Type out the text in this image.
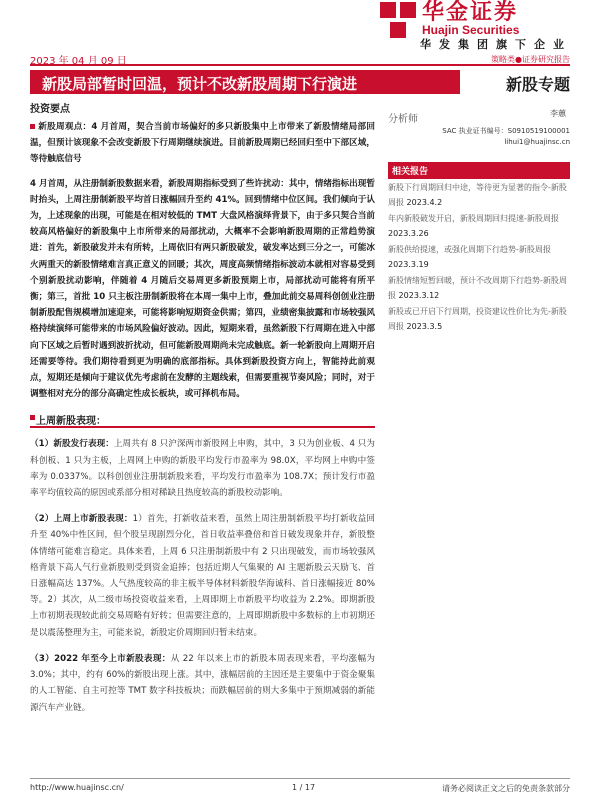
华金证券
Huajin Securities
华发集团旗下企业
2023 年 04 月 09 日	策略类●证券研究报告
新股局部暂时回温，预计不改新股周期下行演进	新股专题
投资要点

新股周观点：4 月首周，契合当前市场偏好的多只新股集中上市带来了新股情绪局部回温，但预计该现象不会改变新股下行周期继续演进。目前新股周期已经回归至中下部区域，等待触底信号

4 月首周，从注册制新股数据来看，新股周期指标受到了些许扰动：其中，情绪指标出现暂时抬头，上周注册制新股平均首日涨幅回升至约 41%。回到情绪中位区间。我们倾向于认为，上述现象的出现，可能是在相对较低的 TMT 大盘风格演绎背景下，由于多只契合当前较高风格偏好的新股集中上市所带来的局部扰动，大概率不会影响新股周期的正常趋势演进：首先，新股破发并未有所转，上周依旧有两只新股破发，破发率达到三分之一，可能冰火两重天的新股情绪难言真正意义的回暖；其次，周度高频情绪指标波动本就相对容易受到个别新股扰动影响，伴随着 4 月随后交易周更多新股预期上市，局部扰动可能将有所平衡；第三，首批 10 只主板注册制新股将在本周一集中上市，叠加此前交易周科创创业注册制新股配售规模增加速迎来，可能将影响短期资金供需；第四，业绩密集披露和市场较强风格持续演绎可能带来的市场风险偏好波动。因此，短期来看，虽然新股下行周期在进入中部向下区域之后暂时遇到波折扰动，但可能新股周期尚未完成触底。新一轮新股向上周期开启还需要等待。我们期待看到更为明确的底部指标。具体到新股投资方向上，智能持此前观点，短期还是倾向于建议优先考虑前在发酵的主题线索，但需要重视节奏风险；同时，对于调整相对充分的部分高确定性成长板块，或可择机布局。

上周新股表现：

（1）新股发行表现：上周共有 8 只沪深两市新股网上申购，其中，3 只为创业板、4 只为科创板、1 只为主板，上周网上申购的新股平均发行市盈率为 98.0X，平均网上申购中签率为 0.0337%。以科创创业注册制新股来看，平均发行市盈率为 108.7X；预计发行市盈率平均值较高的原因或系部分相对稀缺且热度较高的新股校动影响。

（2）上周上市新股表现：1）首先，打新收益来看，虽然上周注册制新股平均打新收益回升至 40%中性区间，但个股呈现剧烈分化，首日收益率叠倍和首日破发现象并存，新股整体情绪可能难言稳定。具体来看，上周 6 只注册制新股中有 2 只出现破发，而市场较强风格背景下高人气行业新股则受到资金追捧；包括近期人气集聚的 AI 主题新股云天励飞、首日涨幅高达 137%。人气热度较高的非主板半导体材料新股华海诚科、首日涨幅接近 80%等。2）其次，从二级市场投资收益来看，上周即期上市新股平均收益为 2.2%。即期新股上市初期表现较此前交易周略有好转；但需要注意的，上周即期新股中多数标的上市初期还是以震荡整理为主，可能来说，新股定价周期回归暂未结束。

（3）2022 年至今上市新股表现：从 22 年以来上市的新股本周表现来看，平均涨幅为 3.0%；其中，约有 60%的新股出现上涨。其中，涨幅居前的主因还是主要集中于资金聚集的人工智能、自主可控等 TMT 数字科技板块；而跌幅居前的则大多集中于预期减弱的新能源汽车产业链。

分析师
李蕙
SAC 执业证书编号：S0910519100001
lihui1@huajinsc.cn
相关报告
新股下行周期回归中途，等待更为显著的指令-新股周报 2023.4.2
年内新股破发开启，新股周期回归提速-新股周报 2023.3.26
新股供给提速，或强化周期下行趋势-新股周报 2023.3.19
新股情绪短暂回暖，预计不改周期下行趋势-新股周报 2023.3.12
新股或已开启下行周期，投资建议性价比为先-新股周报 2023.3.5
http://www.huajinsc.cn/	1 / 17	请务必阅读正文之后的免责条款部分
